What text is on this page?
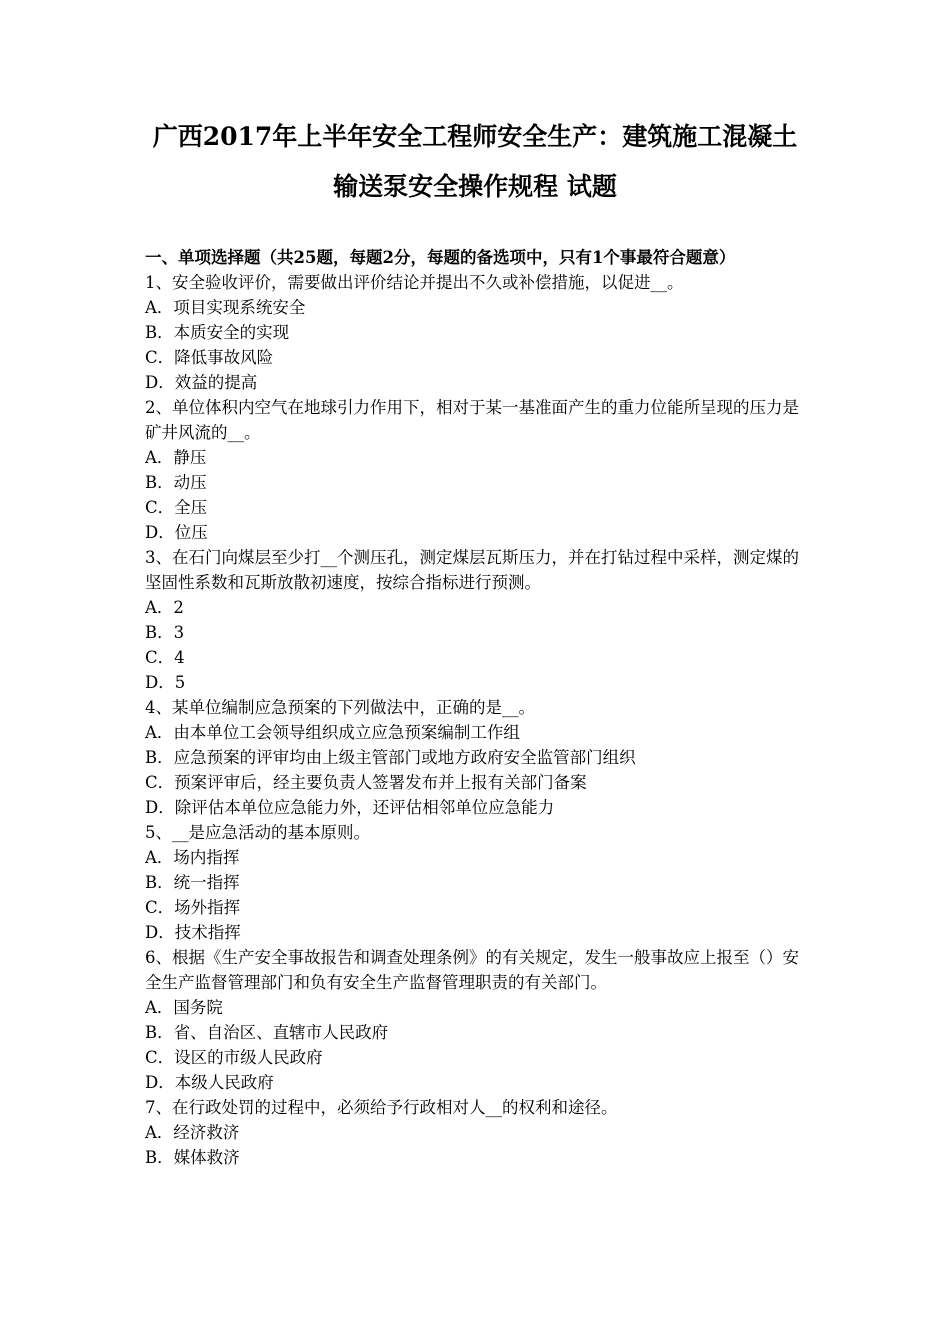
广西2017年上半年安全工程师安全生产：建筑施工混凝土
输送泵安全操作规程 试题

一、单项选择题（共25题，每题2分，每题的备选项中，只有1个事最符合题意）

1、安全验收评价，需要做出评价结论并提出不久或补偿措施，以促进__。

A．项目实现系统安全

B．本质安全的实现

C．降低事故风险

D．效益的提高

2、单位体积内空气在地球引力作用下，相对于某一基准面产生的重力位能所呈现的压力是矿井风流的__。

A．静压

B．动压

C．全压

D．位压

3、在石门向煤层至少打__个测压孔，测定煤层瓦斯压力，并在打钻过程中采样，测定煤的坚固性系数和瓦斯放散初速度，按综合指标进行预测。

A．2

B．3

C．4

D．5

4、某单位编制应急预案的下列做法中，正确的是__。

A．由本单位工会领导组织成立应急预案编制工作组

B．应急预案的评审均由上级主管部门或地方政府安全监管部门组织

C．预案评审后，经主要负责人签署发布并上报有关部门备案

D．除评估本单位应急能力外，还评估相邻单位应急能力

5、__是应急活动的基本原则。

A．场内指挥

B．统一指挥

C．场外指挥

D．技术指挥

6、根据《生产安全事故报告和调查处理条例》的有关规定，发生一般事故应上报至（）安全生产监督管理部门和负有安全生产监督管理职责的有关部门。

A．国务院

B．省、自治区、直辖市人民政府

C．设区的市级人民政府

D．本级人民政府

7、在行政处罚的过程中，必须给予行政相对人__的权利和途径。

A．经济救济

B．媒体救济
